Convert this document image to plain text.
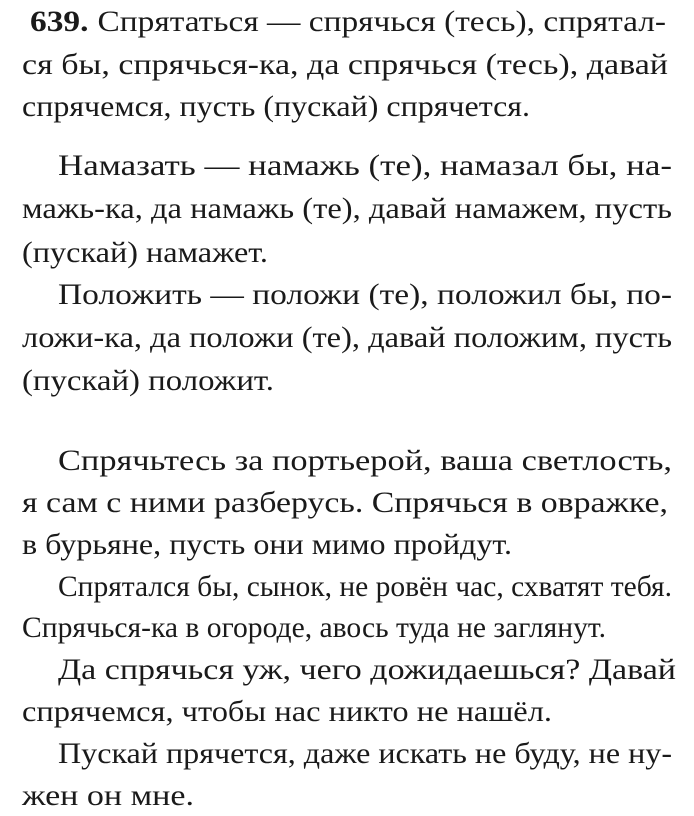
639. Спрятаться — спрячься (тесь), спрятал-
ся бы, спрячься-ка, да спрячься (тесь), давай
спрячемся, пусть (пускай) спрячется.
Намазать — намажь (те), намазал бы, на-
мажь-ка, да намажь (те), давай намажем, пусть
(пускай) намажет.
Положить — положи (те), положил бы, по-
ложи-ка, да положи (те), давай положим, пусть
(пускай) положит.
Спрячьтесь за портьерой, ваша светлость,
я сам с ними разберусь. Спрячься в овражке,
в бурьяне, пусть они мимо пройдут.
Спрятался бы, сынок, не ровён час, схватят тебя.
Спрячься-ка в огороде, авось туда не заглянут.
Да спрячься уж, чего дожидаешься? Давай
спрячемся, чтобы нас никто не нашёл.
Пускай прячется, даже искать не буду, не ну-
жен он мне.
